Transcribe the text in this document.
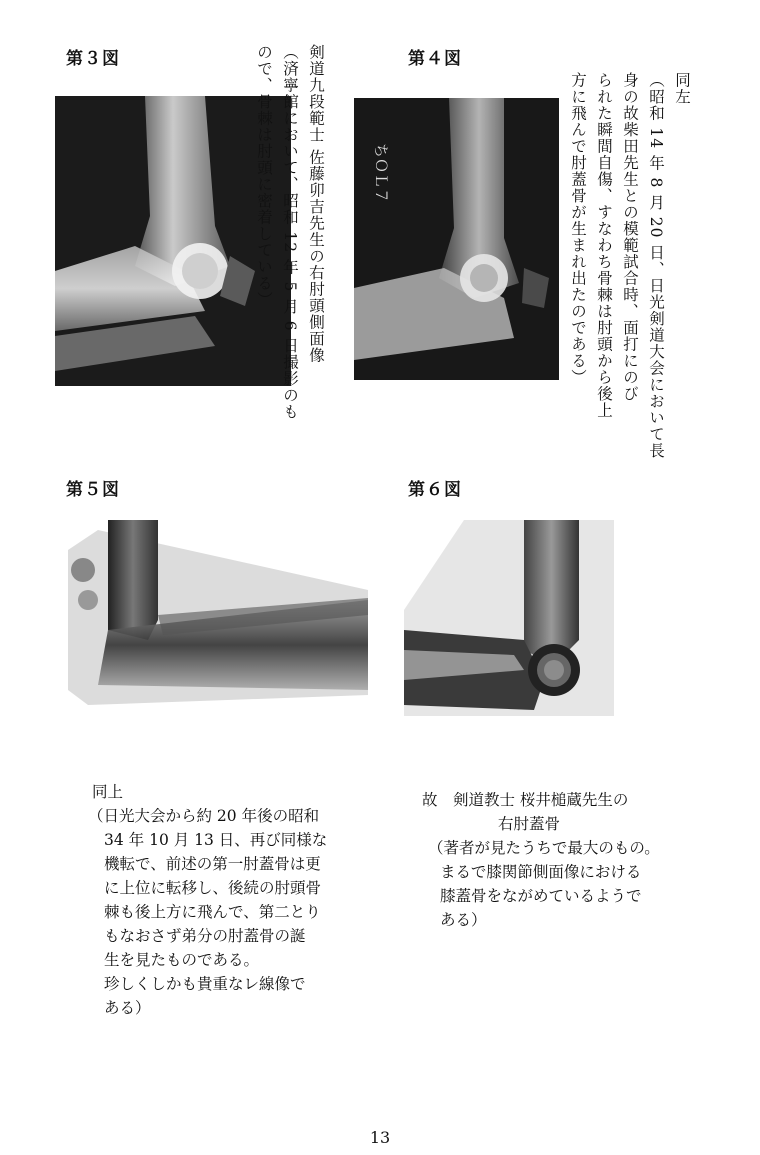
第３図	剣道九段範士 佐藤卯吉先生の右肘頭側面像
（済寧館において、昭和 12 年 5 月 6 日撮影のも
ので、骨棘は肘頭に密着している）	第４図
ちＯＬ７
同左
（昭和 14 年 8 月 20 日、日光剣道大会において長
身の故柴田先生との模範試合時、面打にのび
られた瞬間自傷、すなわち骨棘は肘頭から後上
方に飛んで肘蓋骨が生まれ出たのである）
第５図
同上
（日光大会から約 20 年後の昭和
34 年 10 月 13 日、再び同様な
機転で、前述の第一肘蓋骨は更
に上位に転移し、後続の肘頭骨
棘も後上方に飛んで、第二とり
もなおさず弟分の肘蓋骨の誕
生を見たものである。
珍しくしかも貴重なレ線像で
ある）
第６図
故　剣道教士 桜井槌蔵先生の
右肘蓋骨
（著者が見たうちで最大のもの。
まるで膝関節側面像における
膝蓋骨をながめているようで
ある）
13
